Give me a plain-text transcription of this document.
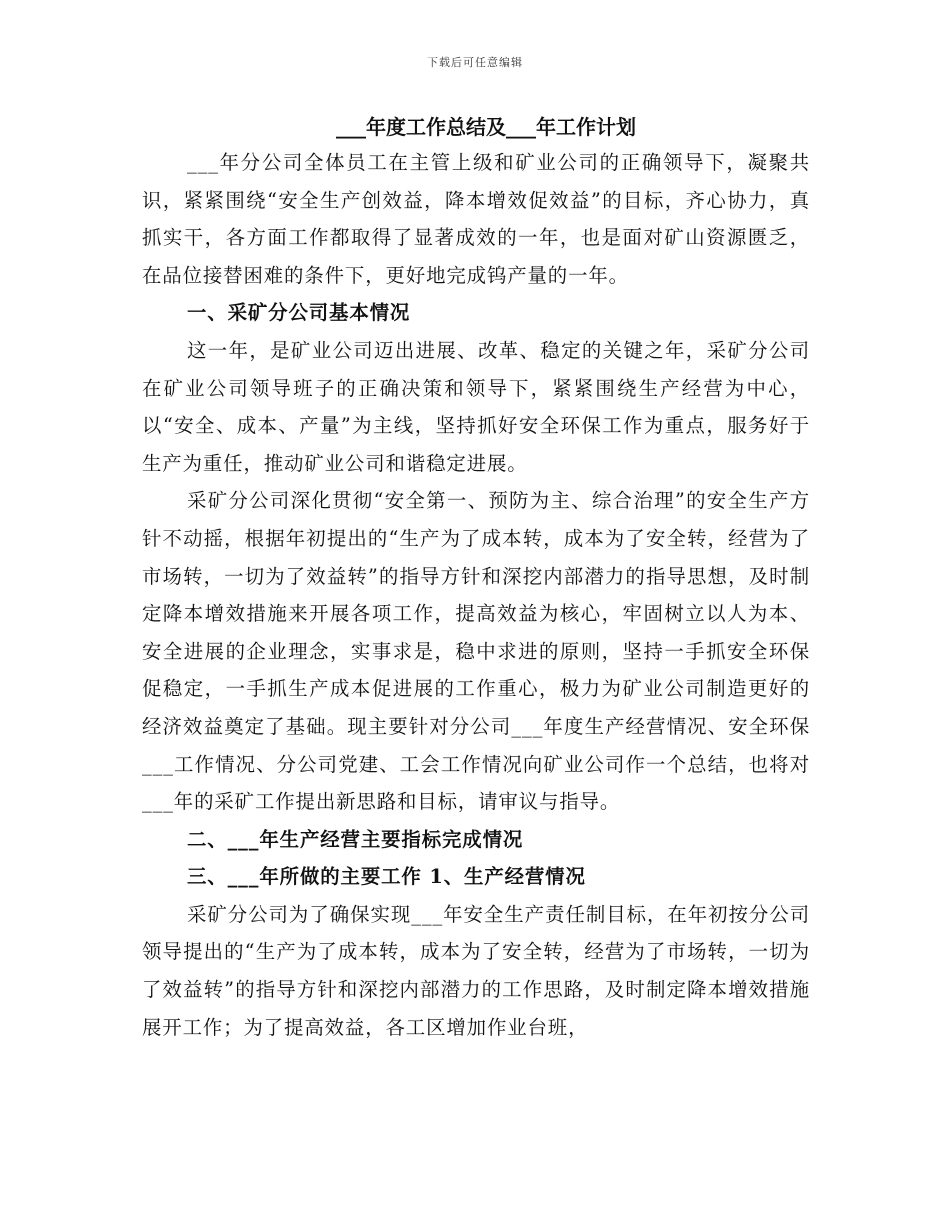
下载后可任意编辑

___年度工作总结及___年工作计划

___年分公司全体员工在主管上级和矿业公司的正确领导下，凝聚共识，紧紧围绕“安全生产创效益，降本增效促效益”的目标，齐心协力，真抓实干，各方面工作都取得了显著成效的一年，也是面对矿山资源匮乏，在品位接替困难的条件下，更好地完成钨产量的一年。

一、采矿分公司基本情况

这一年，是矿业公司迈出进展、改革、稳定的关键之年，采矿分公司在矿业公司领导班子的正确决策和领导下，紧紧围绕生产经营为中心，以“安全、成本、产量”为主线，坚持抓好安全环保工作为重点，服务好于生产为重任，推动矿业公司和谐稳定进展。

采矿分公司深化贯彻“安全第一、预防为主、综合治理”的安全生产方针不动摇，根据年初提出的“生产为了成本转，成本为了安全转，经营为了市场转，一切为了效益转”的指导方针和深挖内部潜力的指导思想，及时制定降本增效措施来开展各项工作，提高效益为核心，牢固树立以人为本、安全进展的企业理念，实事求是，稳中求进的原则，坚持一手抓安全环保促稳定，一手抓生产成本促进展的工作重心，极力为矿业公司制造更好的经济效益奠定了基础。现主要针对分公司___年度生产经营情况、安全环保___工作情况、分公司党建、工会工作情况向矿业公司作一个总结，也将对___年的采矿工作提出新思路和目标，请审议与指导。

二、___年生产经营主要指标完成情况

三、___年所做的主要工作 1、生产经营情况

采矿分公司为了确保实现___年安全生产责任制目标，在年初按分公司领导提出的“生产为了成本转，成本为了安全转，经营为了市场转，一切为了效益转”的指导方针和深挖内部潜力的工作思路，及时制定降本增效措施展开工作；为了提高效益，各工区增加作业台班，
